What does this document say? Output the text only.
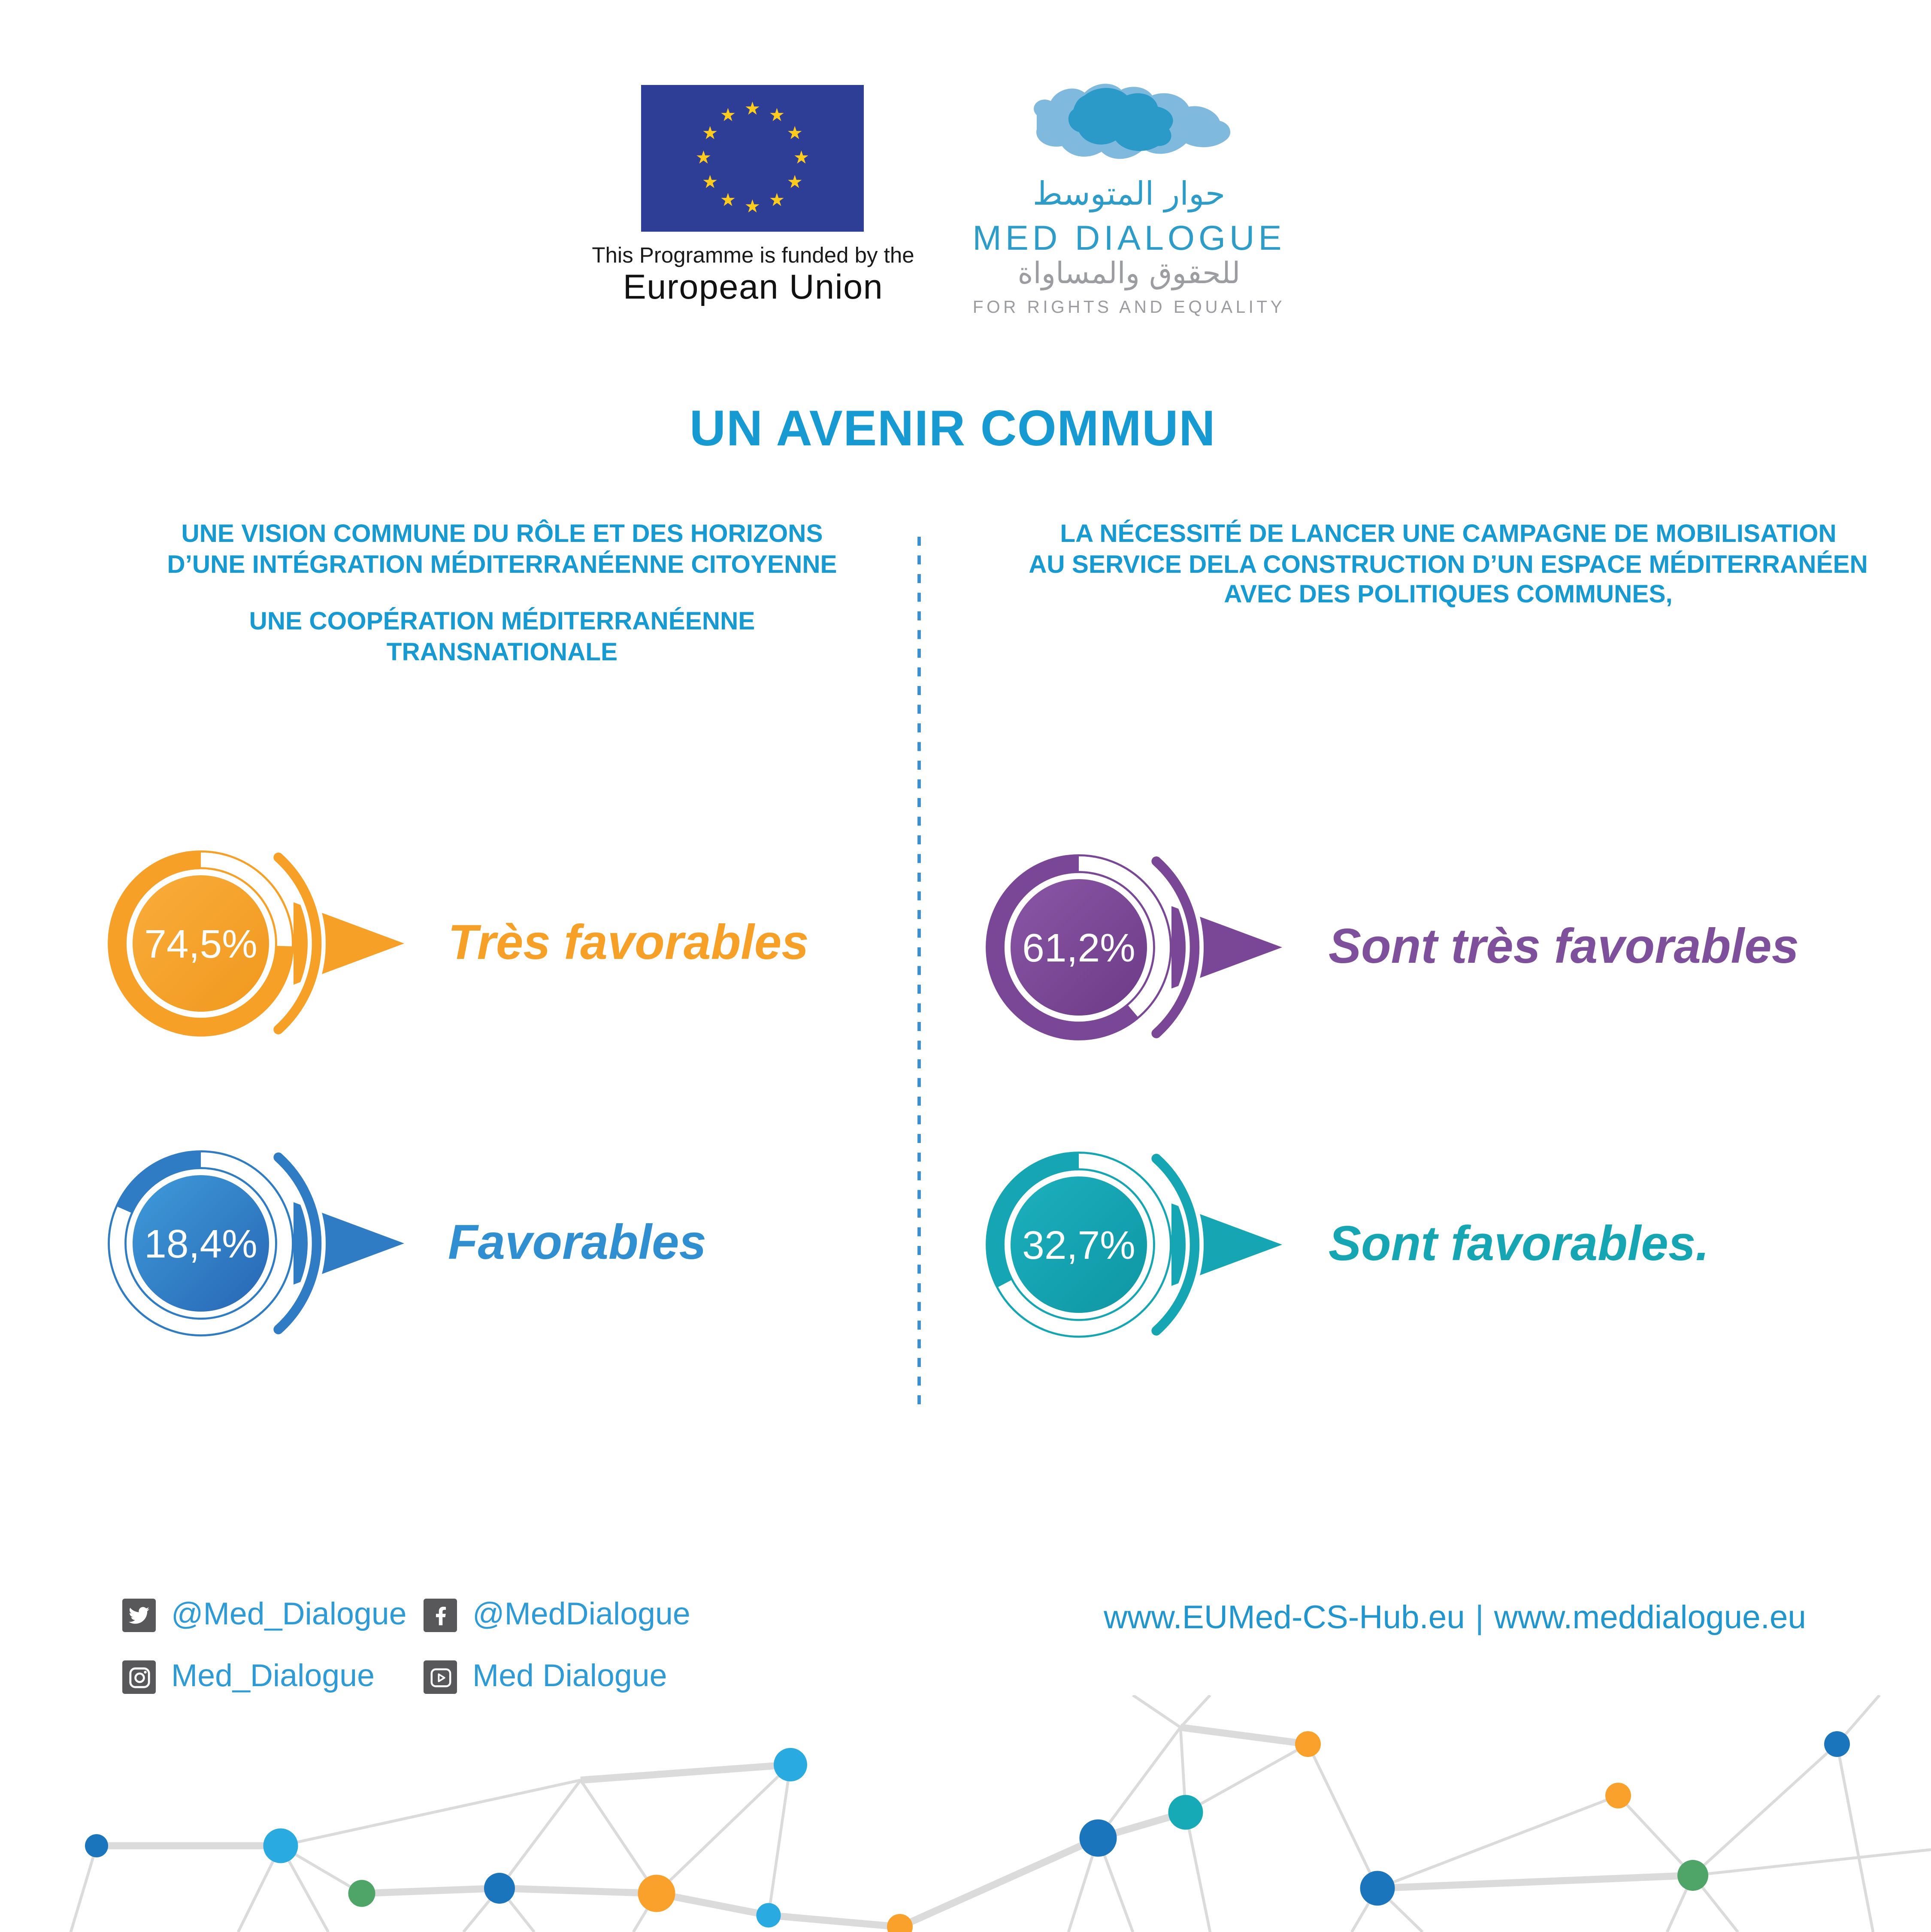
★ ★
★
★
★
★
★
★
★
★
★
★
This Programme is funded by the
European Union
حوار المتوسط
MED DIALOGUE
للحقوق والمساواة
FOR RIGHTS AND EQUALITY
UN AVENIR COMMUN
UNE VISION COMMUNE DU RÔLE ET DES HORIZONS
D’UNE INTÉGRATION MÉDITERRANÉENNE CITOYENNE
UNE COOPÉRATION MÉDITERRANÉENNE
TRANSNATIONALE
LA NÉCESSITÉ DE LANCER UNE CAMPAGNE DE MOBILISATION
AU SERVICE DELA CONSTRUCTION D’UN ESPACE MÉDITERRANÉEN
AVEC DES POLITIQUES COMMUNES,
74,5%	Très favorables
18,4%	Favorables
61,2%	Sont très favorables
32,7%	Sont favorables.
@Med_Dialogue	@MedDialogue
Med_Dialogue	Med Dialogue
www.EUMed-CS-Hub.eu | www.meddialogue.eu
